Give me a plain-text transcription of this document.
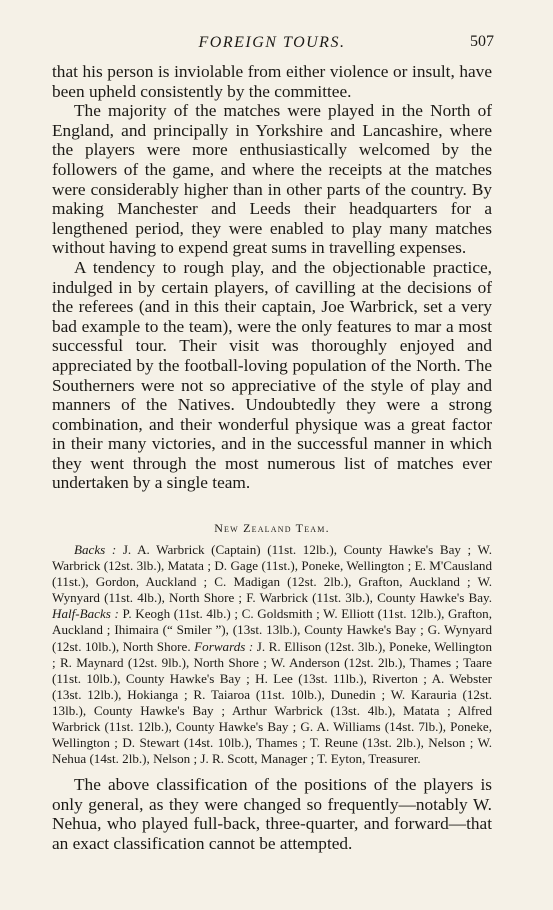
FOREIGN TOURS.	507

that his person is inviolable from either violence or insult, have been upheld consistently by the committee.

The majority of the matches were played in the North of England, and principally in Yorkshire and Lancashire, where the players were more enthusiastically welcomed by the followers of the game, and where the receipts at the matches were considerably higher than in other parts of the country. By making Manchester and Leeds their headquarters for a lengthened period, they were enabled to play many matches without having to expend great sums in travelling expenses.

A tendency to rough play, and the objectionable practice, indulged in by certain players, of cavilling at the decisions of the referees (and in this their captain, Joe Warbrick, set a very bad example to the team), were the only features to mar a most successful tour. Their visit was thoroughly enjoyed and appreciated by the football-loving population of the North. The Southerners were not so appreciative of the style of play and manners of the Natives. Undoubtedly they were a strong combination, and their wonderful physique was a great factor in their many victories, and in the successful manner in which they went through the most numerous list of matches ever undertaken by a single team.

New Zealand Team.

Backs : J. A. Warbrick (Captain) (11st. 12lb.), County Hawke's Bay ; W. Warbrick (12st. 3lb.), Matata ; D. Gage (11st.), Poneke, Wellington ; E. M'Causland (11st.), Gordon, Auckland ; C. Madigan (12st. 2lb.), Grafton, Auckland ; W. Wynyard (11st. 4lb.), North Shore ; F. Warbrick (11st. 3lb.), County Hawke's Bay. Half-Backs : P. Keogh (11st. 4lb.) ; C. Goldsmith ; W. Elliott (11st. 12lb.), Grafton, Auckland ; Ihimaira (“ Smiler ”), (13st. 13lb.), County Hawke's Bay ; G. Wynyard (12st. 10lb.), North Shore. Forwards : J. R. Ellison (12st. 3lb.), Poneke, Wellington ; R. Maynard (12st. 9lb.), North Shore ; W. Anderson (12st. 2lb.), Thames ; Taare (11st. 10lb.), County Hawke's Bay ; H. Lee (13st. 11lb.), Riverton ; A. Webster (13st. 12lb.), Hokianga ; R. Taiaroa (11st. 10lb.), Dunedin ; W. Karauria (12st. 13lb.), County Hawke's Bay ; Arthur Warbrick (13st. 4lb.), Matata ; Alfred Warbrick (11st. 12lb.), County Hawke's Bay ; G. A. Williams (14st. 7lb.), Poneke, Wellington ; D. Stewart (14st. 10lb.), Thames ; T. Reune (13st. 2lb.), Nelson ; W. Nehua (14st. 2lb.), Nelson ; J. R. Scott, Manager ; T. Eyton, Treasurer.

The above classification of the positions of the players is only general, as they were changed so frequently—notably W. Nehua, who played full-back, three-quarter, and forward—that an exact classification cannot be attempted.
